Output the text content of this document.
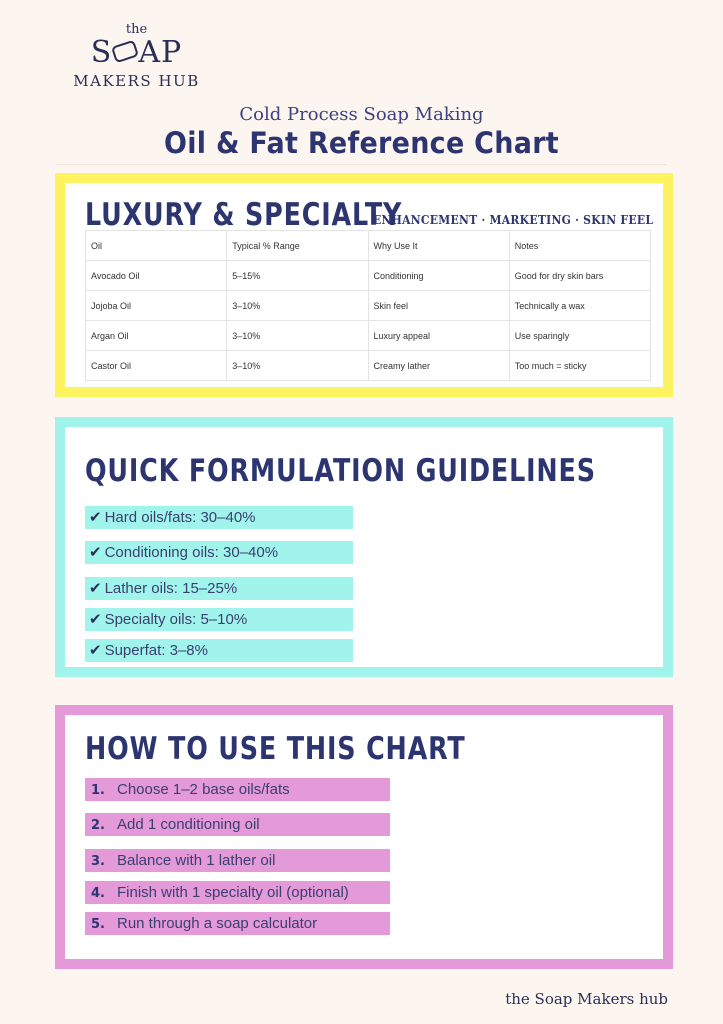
the
S AP
MAKERS HUB
Cold Process Soap Making
Oil & Fat Reference Chart
LUXURY & SPECIALTY
ENHANCEMENT · MARKETING · SKIN FEEL
Oil	Typical % Range	Why Use It	Notes
Avocado Oil	5–15%	Conditioning	Good for dry skin bars
Jojoba Oil	3–10%	Skin feel	Technically a wax
Argan Oil	3–10%	Luxury appeal	Use sparingly
Castor Oil	3–10%	Creamy lather	Too much = sticky
QUICK FORMULATION GUIDELINES
✔ Hard oils/fats: 30–40%
✔ Conditioning oils: 30–40%
✔ Lather oils: 15–25%
✔ Specialty oils: 5–10%
✔ Superfat: 3–8%
HOW TO USE THIS CHART
1. Choose 1–2 base oils/fats
2. Add 1 conditioning oil
3. Balance with 1 lather oil
4. Finish with 1 specialty oil (optional)
5. Run through a soap calculator
the Soap Makers hub
